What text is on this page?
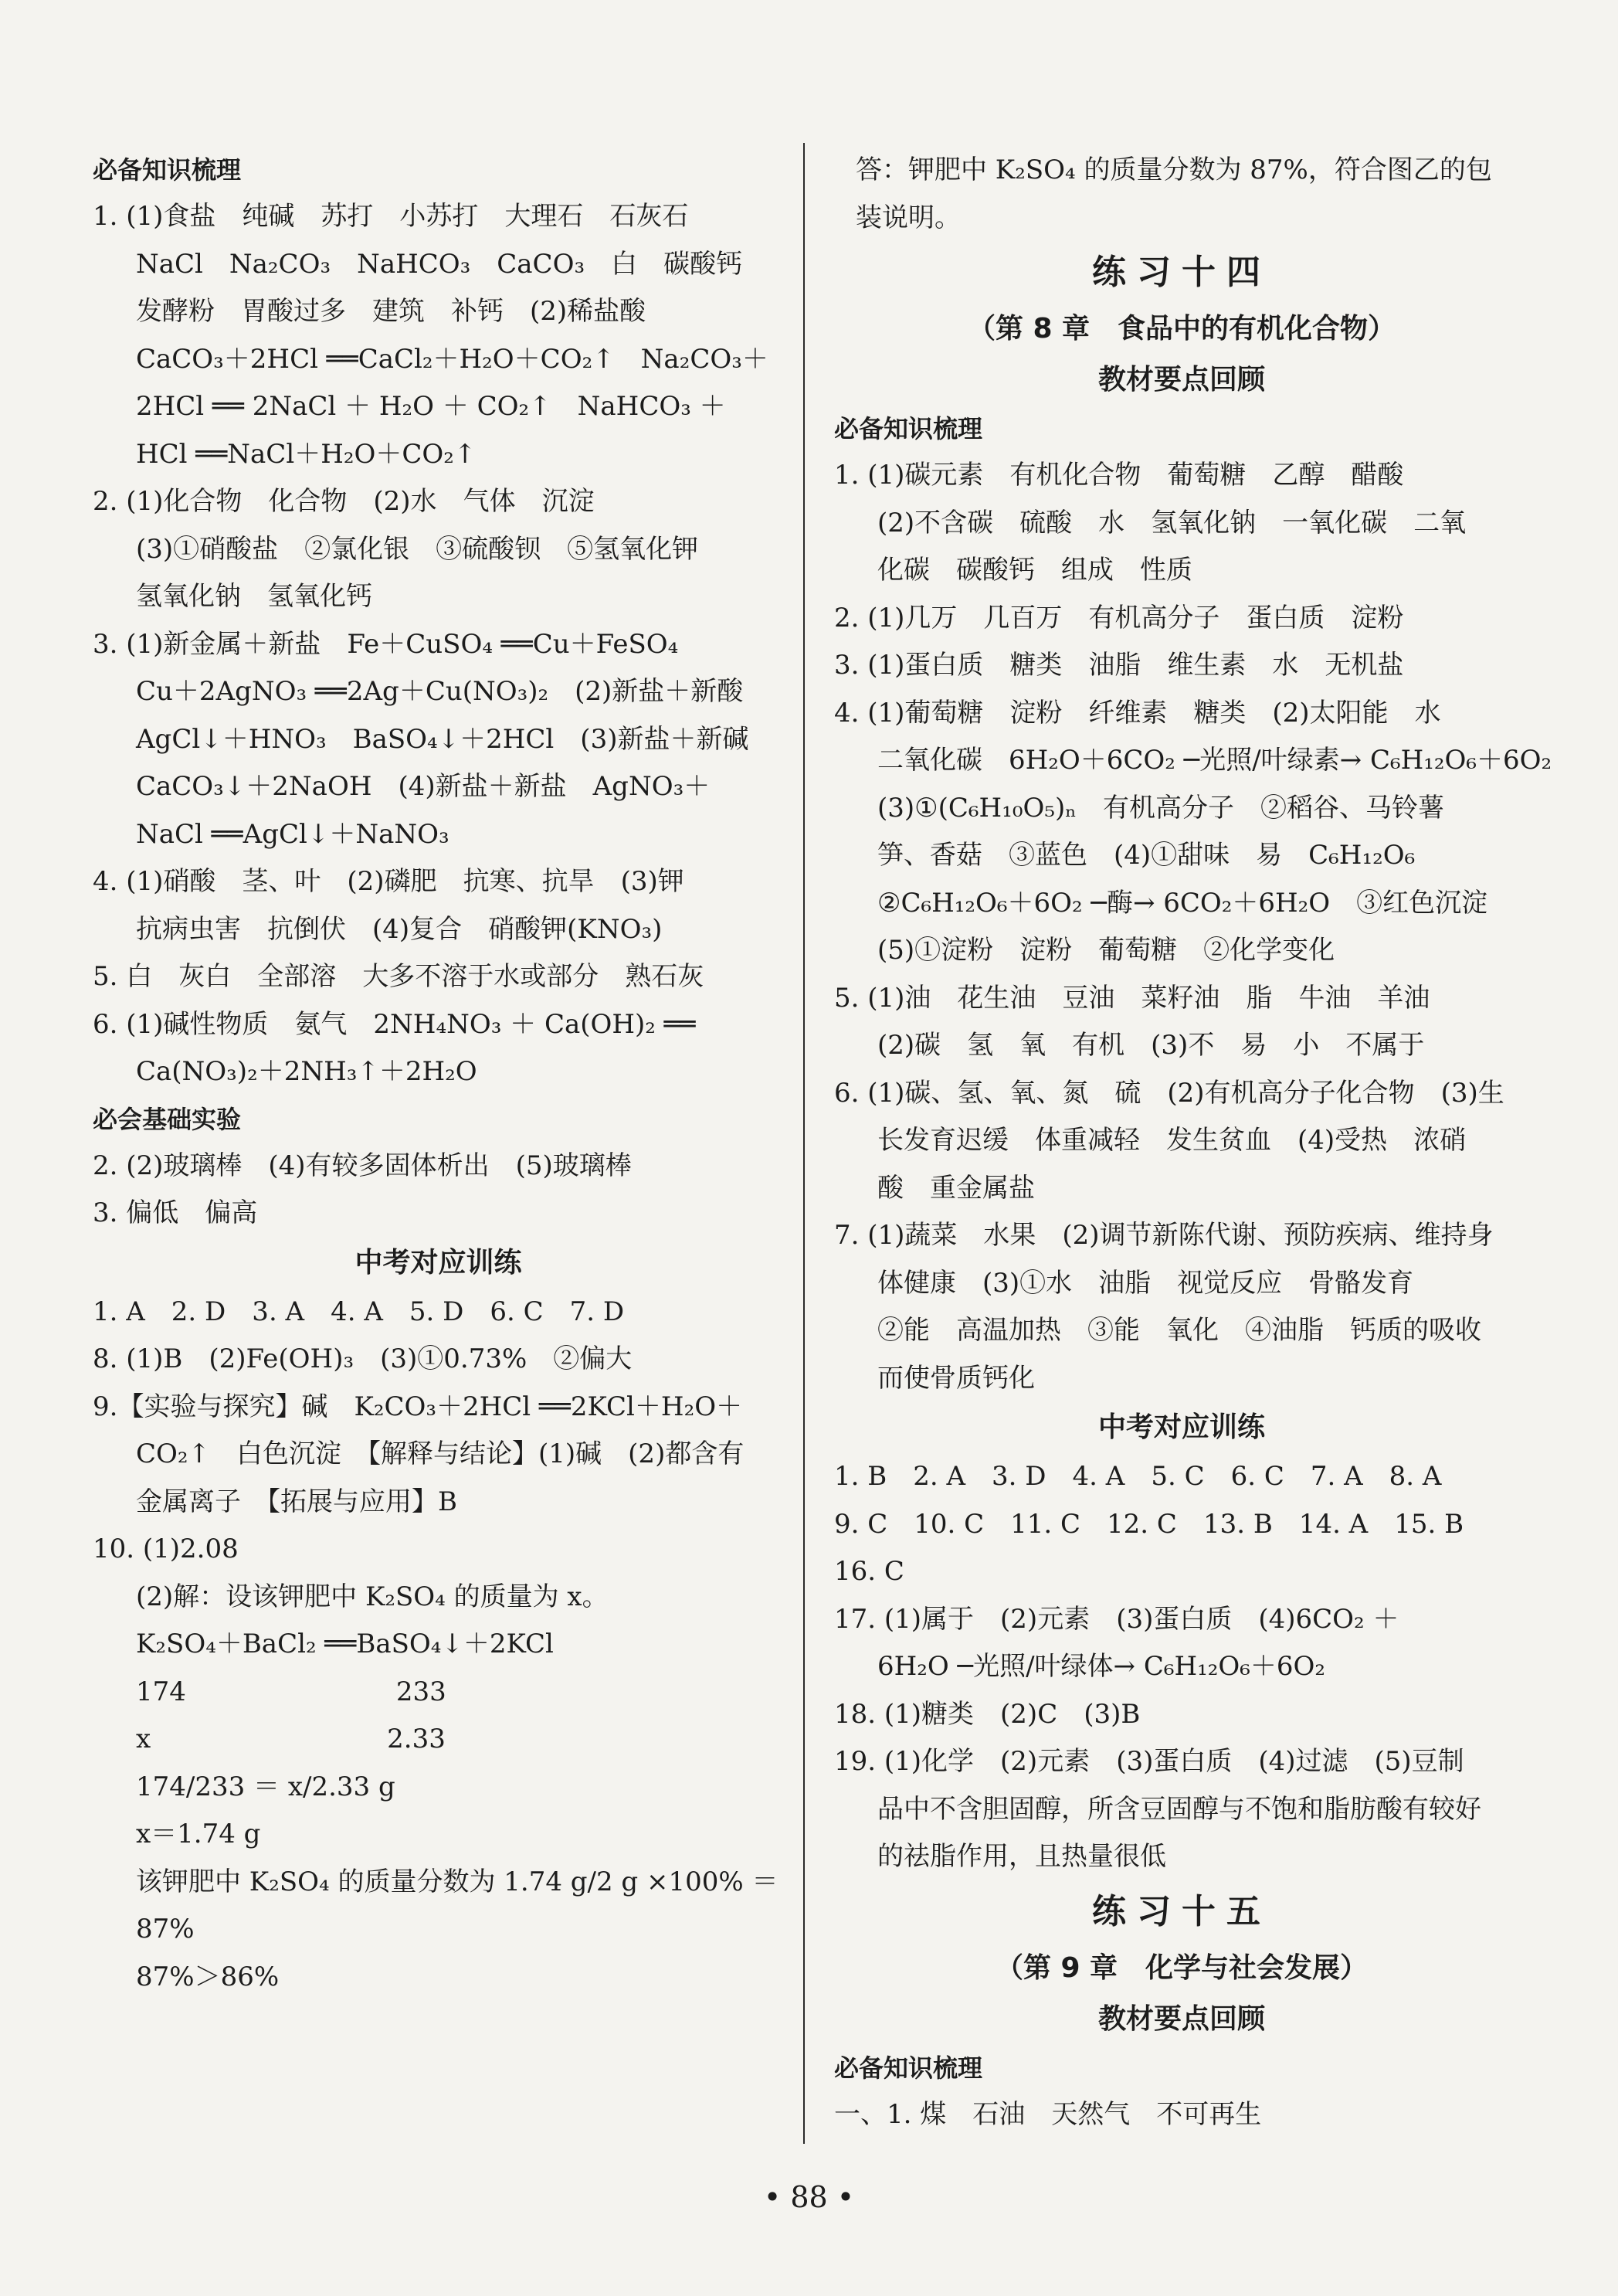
必备知识梳理
1. (1)食盐　纯碱　苏打　小苏打　大理石　石灰石
NaCl　Na₂CO₃　NaHCO₃　CaCO₃　白　碳酸钙
发酵粉　胃酸过多　建筑　补钙　(2)稀盐酸
CaCO₃＋2HCl ══CaCl₂＋H₂O＋CO₂↑　Na₂CO₃＋
2HCl ══ 2NaCl ＋ H₂O ＋ CO₂↑　NaHCO₃ ＋
HCl ══NaCl＋H₂O＋CO₂↑
2. (1)化合物　化合物　(2)水　气体　沉淀
(3)①硝酸盐　②氯化银　③硫酸钡　⑤氢氧化钾
氢氧化钠　氢氧化钙
3. (1)新金属＋新盐　Fe＋CuSO₄ ══Cu＋FeSO₄
Cu＋2AgNO₃ ══2Ag＋Cu(NO₃)₂　(2)新盐＋新酸
AgCl↓＋HNO₃　BaSO₄↓＋2HCl　(3)新盐＋新碱
CaCO₃↓＋2NaOH　(4)新盐＋新盐　AgNO₃＋
NaCl ══AgCl↓＋NaNO₃
4. (1)硝酸　茎、叶　(2)磷肥　抗寒、抗旱　(3)钾
抗病虫害　抗倒伏　(4)复合　硝酸钾(KNO₃)
5. 白　灰白　全部溶　大多不溶于水或部分　熟石灰
6. (1)碱性物质　氨气　2NH₄NO₃ ＋ Ca(OH)₂ ══
Ca(NO₃)₂＋2NH₃↑＋2H₂O
必会基础实验
2. (2)玻璃棒　(4)有较多固体析出　(5)玻璃棒
3. 偏低　偏高
中考对应训练
1. A　2. D　3. A　4. A　5. D　6. C　7. D
8. (1)B　(2)Fe(OH)₃　(3)①0.73%　②偏大
9.【实验与探究】碱　K₂CO₃＋2HCl ══2KCl＋H₂O＋
CO₂↑　白色沉淀　【解释与结论】(1)碱　(2)都含有
金属离子　【拓展与应用】B
10. (1)2.08
(2)解：设该钾肥中 K₂SO₄ 的质量为 x。
K₂SO₄＋BaCl₂ ══BaSO₄↓＋2KCl
174　　　　　　　　233
x　　　　　　　　　2.33
174/233 ＝ x/2.33 g
x＝1.74 g
该钾肥中 K₂SO₄ 的质量分数为 1.74 g/2 g ×100% ＝
87%
87%＞86%
答：钾肥中 K₂SO₄ 的质量分数为 87%，符合图乙的包
装说明。
练习十四
（第 8 章　食品中的有机化合物）
教材要点回顾
必备知识梳理
1. (1)碳元素　有机化合物　葡萄糖　乙醇　醋酸
(2)不含碳　硫酸　水　氢氧化钠　一氧化碳　二氧
化碳　碳酸钙　组成　性质
2. (1)几万　几百万　有机高分子　蛋白质　淀粉
3. (1)蛋白质　糖类　油脂　维生素　水　无机盐
4. (1)葡萄糖　淀粉　纤维素　糖类　(2)太阳能　水
二氧化碳　6H₂O＋6CO₂ ─光照/叶绿素→ C₆H₁₂O₆＋6O₂
(3)①(C₆H₁₀O₅)ₙ　有机高分子　②稻谷、马铃薯
笋、香菇　③蓝色　(4)①甜味　易　C₆H₁₂O₆
②C₆H₁₂O₆＋6O₂ ─酶→ 6CO₂＋6H₂O　③红色沉淀
(5)①淀粉　淀粉　葡萄糖　②化学变化
5. (1)油　花生油　豆油　菜籽油　脂　牛油　羊油
(2)碳　氢　氧　有机　(3)不　易　小　不属于
6. (1)碳、氢、氧、氮　硫　(2)有机高分子化合物　(3)生
长发育迟缓　体重减轻　发生贫血　(4)受热　浓硝
酸　重金属盐
7. (1)蔬菜　水果　(2)调节新陈代谢、预防疾病、维持身
体健康　(3)①水　油脂　视觉反应　骨骼发育
②能　高温加热　③能　氧化　④油脂　钙质的吸收
而使骨质钙化
中考对应训练
1. B　2. A　3. D　4. A　5. C　6. C　7. A　8. A
9. C　10. C　11. C　12. C　13. B　14. A　15. B
16. C
17. (1)属于　(2)元素　(3)蛋白质　(4)6CO₂ ＋
6H₂O ─光照/叶绿体→ C₆H₁₂O₆＋6O₂
18. (1)糖类　(2)C　(3)B
19. (1)化学　(2)元素　(3)蛋白质　(4)过滤　(5)豆制
品中不含胆固醇，所含豆固醇与不饱和脂肪酸有较好
的祛脂作用，且热量很低
练习十五
（第 9 章　化学与社会发展）
教材要点回顾
必备知识梳理
一、1. 煤　石油　天然气　不可再生
• 88 •
